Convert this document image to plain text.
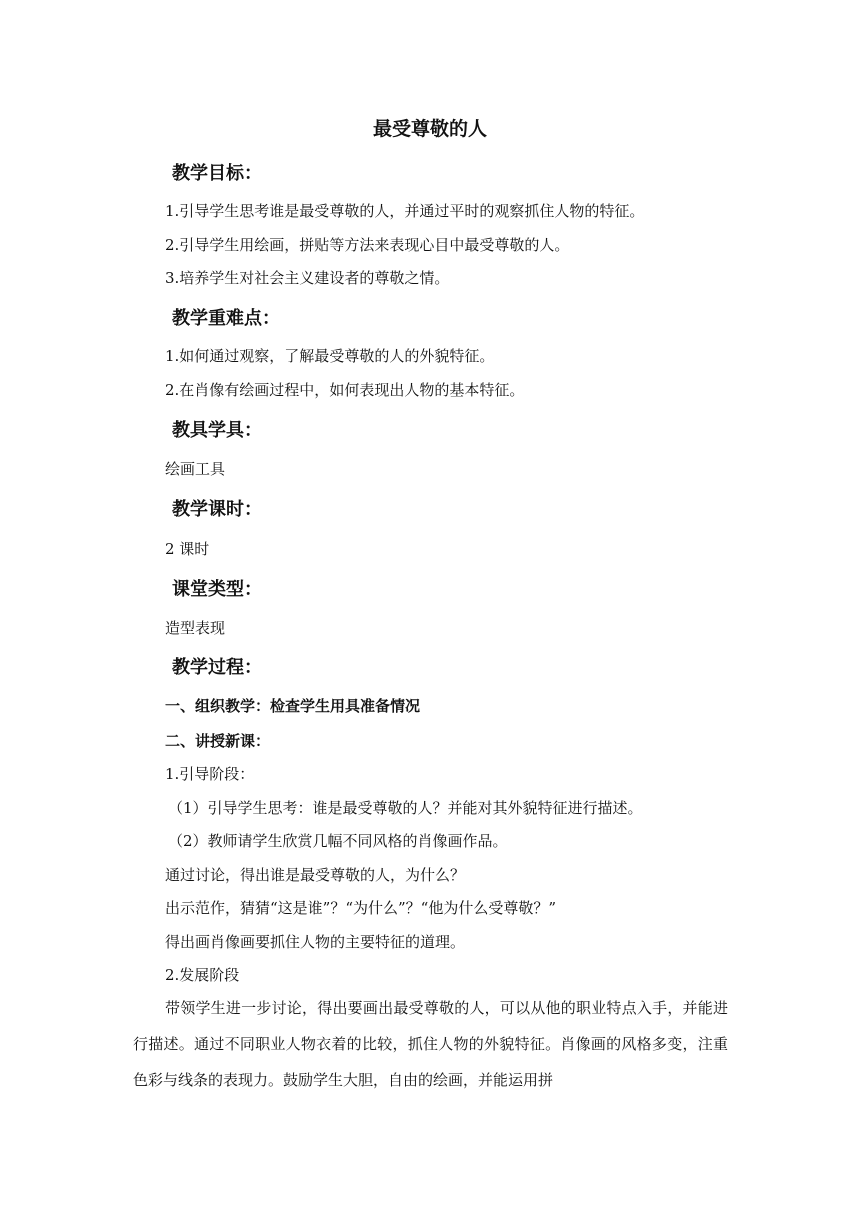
最受尊敬的人
教学目标：
1.引导学生思考谁是最受尊敬的人，并通过平时的观察抓住人物的特征。
2.引导学生用绘画，拼贴等方法来表现心目中最受尊敬的人。
3.培养学生对社会主义建设者的尊敬之情。
教学重难点：
1.如何通过观察，了解最受尊敬的人的外貌特征。
2.在肖像有绘画过程中，如何表现出人物的基本特征。
教具学具：
绘画工具
教学课时：
2 课时
课堂类型：
造型表现
教学过程：
一、组织教学：检查学生用具准备情况
二、讲授新课：
1.引导阶段：
（1）引导学生思考：谁是最受尊敬的人？并能对其外貌特征进行描述。
（2）教师请学生欣赏几幅不同风格的肖像画作品。
通过讨论，得出谁是最受尊敬的人，为什么？
出示范作，猜猜“这是谁”？“为什么”？“他为什么受尊敬？”
得出画肖像画要抓住人物的主要特征的道理。
2.发展阶段
带领学生进一步讨论，得出要画出最受尊敬的人，可以从他的职业特点入手，并能进行描述。通过不同职业人物衣着的比较，抓住人物的外貌特征。肖像画的风格多变，注重色彩与线条的表现力。鼓励学生大胆，自由的绘画，并能运用拼
